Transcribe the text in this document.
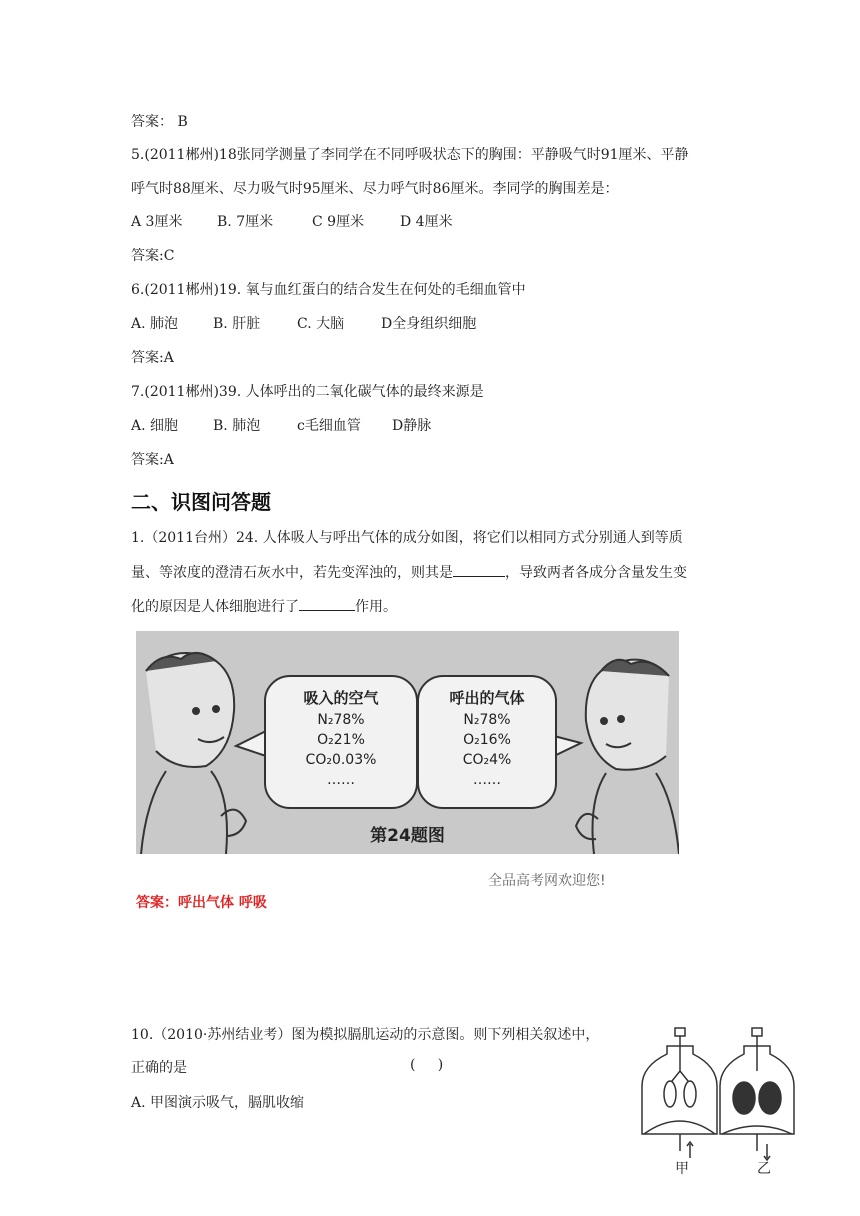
答案： B
5.(2011郴州)18张同学测量了李同学在不同呼吸状态下的胸围：平静吸气时91厘米、平静
呼气时88厘米、尽力吸气时95厘米、尽力呼气时86厘米。李同学的胸围差是：
A 3厘米 B. 7厘米	C 9厘米	D 4厘米
答案:C
6.(2011郴州)19. 氧与血红蛋白的结合发生在何处的毛细血管中
A. 肺泡 B. 肝脏	C. 大脑	D全身组织细胞
答案:A
7.(2011郴州)39. 人体呼出的二氧化碳气体的最终来源是
A. 细胞 B. 肺泡	c毛细血管 D静脉
答案:A
二、识图问答题
1.（2011台州）24. 人体吸人与呼出气体的成分如图，将它们以相同方式分别通人到等质
量、等浓度的澄清石灰水中，若先变浑浊的，则其是	，导致两者各成分含量发生变
化的原因是人体细胞进行了	作用。
吸入的空气
N₂78%
O₂21%
CO₂0.03%
……
呼出的气体
N₂78%
O₂16%
CO₂4%
……
第24题图
全品高考网欢迎您!
答案：呼出气体 呼吸
10.（2010·苏州结业考）图为模拟膈肌运动的示意图。则下列相关叙述中，
正确的是	(     )
A. 甲图演示吸气，膈肌收缩
甲	乙
